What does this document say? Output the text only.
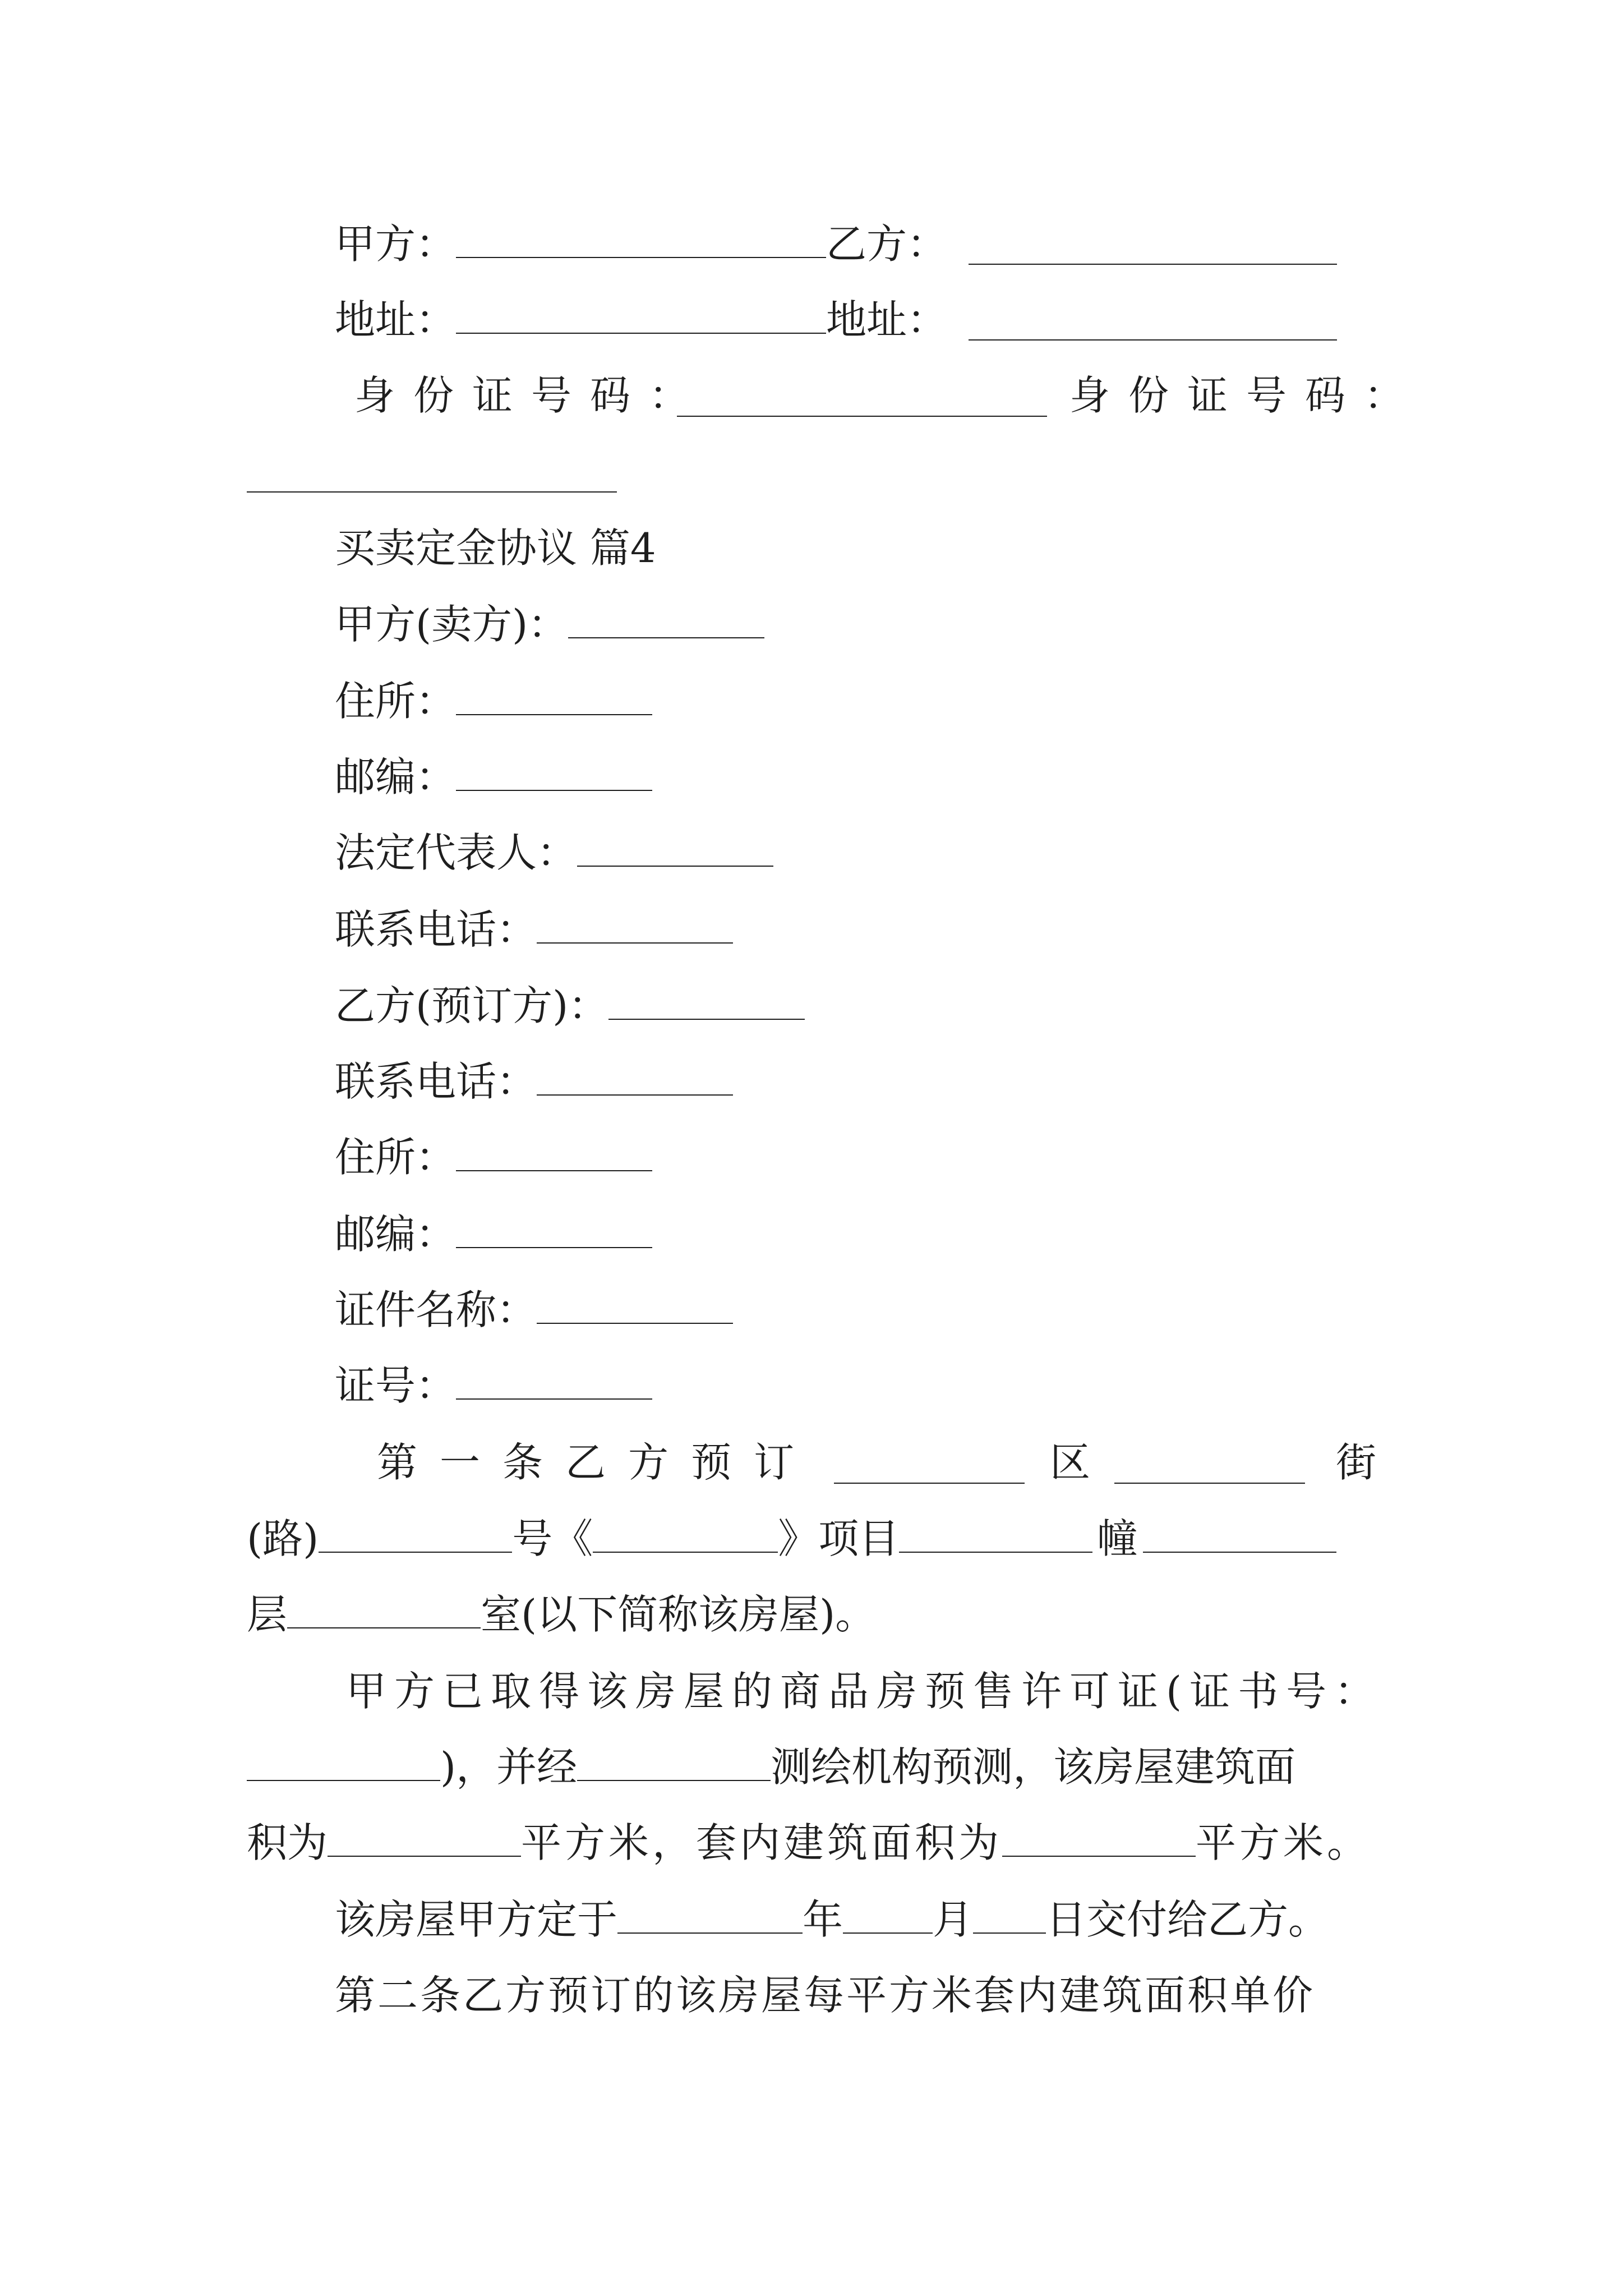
甲方：	乙方：
地址：	地址：
身份证号码：	身份证号码：
买卖定金协议 篇4
甲方(卖方)：
住所：
邮编：
法定代表人：
联系电话：
乙方(预订方)：
联系电话：
住所：
邮编：
证件名称：
证号：
第一条乙方预订	区	街
(路)	号《	》项目	幢
层	室(以下简称该房屋)。
甲方已取得该房屋的商品房预售许可证(证书号：
)，并经	测绘机构预测，该房屋建筑面
积为	平方米，套内建筑面积为	平方米。
该房屋甲方定于	年 月 日交付给乙方。
第二条乙方预订的该房屋每平方米套内建筑面积单价
